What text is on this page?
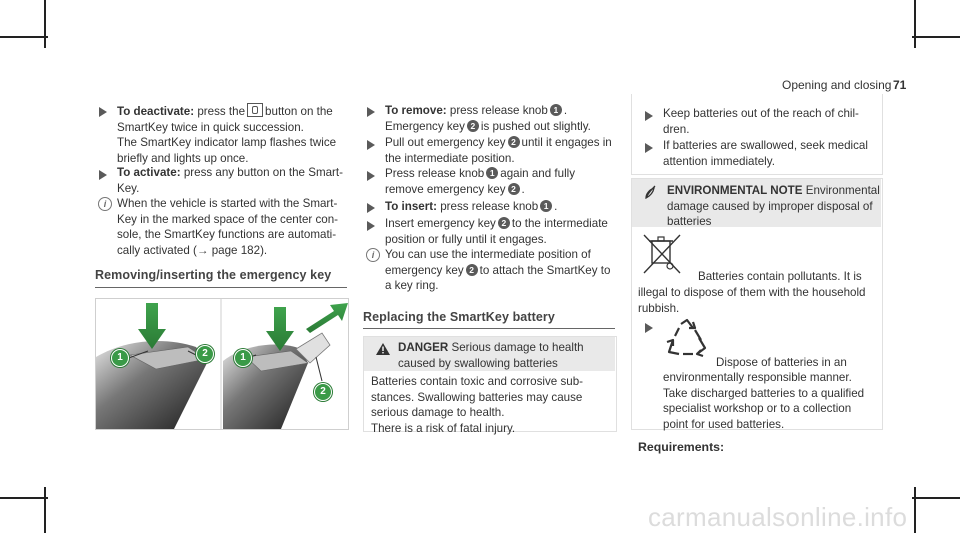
Opening and closing 71
To deactivate: press the button on the
SmartKey twice in quick succession.
The SmartKey indicator lamp flashes twice
briefly and lights up once.
To activate: press any button on the Smart-
Key.
i When the vehicle is started with the Smart-
Key in the marked space of the center con-
sole, the SmartKey functions are automati-
cally activated (→ page 182).
Removing/inserting the emergency key
1	2	1
2
To remove: press release knob 1 .
Emergency key 2 is pushed out slightly.
Pull out emergency key 2 until it engages in
the intermediate position.
Press release knob 1 again and fully
remove emergency key 2 .
To insert: press release knob 1 .
Insert emergency key 2 to the intermediate
position or fully until it engages.
i You can use the intermediate position of
emergency key 2 to attach the SmartKey to
a key ring.
Replacing the SmartKey battery
DANGER Serious damage to health
caused by swallowing batteries
Batteries contain toxic and corrosive sub-
stances. Swallowing batteries may cause
serious damage to health.
There is a risk of fatal injury.
Keep batteries out of the reach of chil-
dren.
If batteries are swallowed, seek medical
attention immediately.
ENVIRONMENTAL NOTE Environmental
damage caused by improper disposal of
batteries
Batteries contain pollutants. It is
illegal to dispose of them with the household
rubbish.
Dispose of batteries in an
environmentally responsible manner.
Take discharged batteries to a qualified
specialist workshop or to a collection
point for used batteries.
Requirements:
carmanualsonline.info
